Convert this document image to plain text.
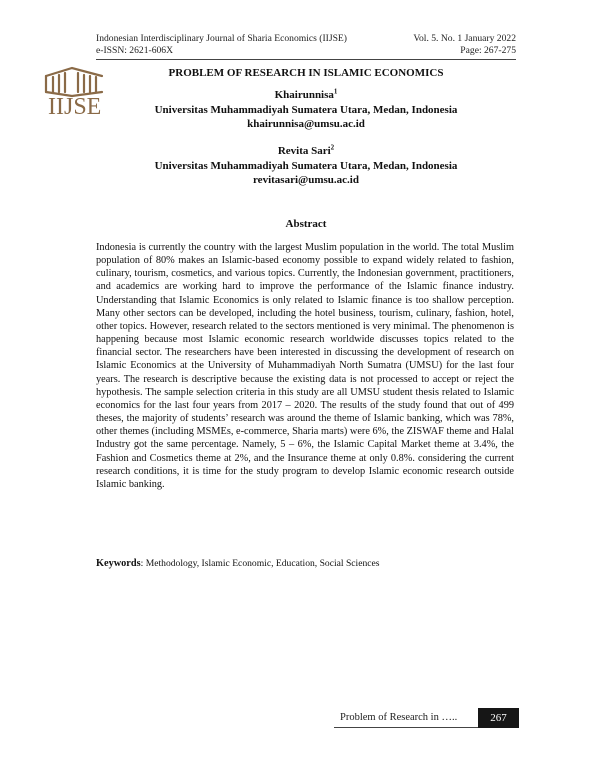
Indonesian Interdisciplinary Journal of Sharia Economics (IIJSE)	Vol. 5. No. 1 January 2022
e-ISSN: 2621-606X	Page: 267-275
IIJSE
PROBLEM OF RESEARCH IN ISLAMIC ECONOMICS
Khairunnisa$^1$
Universitas Muhammadiyah Sumatera Utara, Medan, Indonesia
khairunnisa@umsu.ac.id
Revita Sari$^2$
Universitas Muhammadiyah Sumatera Utara, Medan, Indonesia
revitasari@umsu.ac.id
Abstract

Indonesia is currently the country with the largest Muslim population in the world. The total Muslim population of 80% makes an Islamic-based economy possible to expand widely related to fashion, culinary, tourism, cosmetics, and various topics. Currently, the Indonesian government, practitioners, and academics are working hard to improve the performance of the Islamic finance industry. Understanding that Islamic Economics is only related to Islamic finance is too shallow perception. Many other sectors can be developed, including the hotel business, tourism, culinary, fashion, hotel, other topics. However, research related to the sectors mentioned is very minimal. The phenomenon is happening because most Islamic economic research worldwide discusses topics related to the financial sector. The researchers have been interested in discussing the development of research on Islamic Economics at the University of Muhammadiyah North Sumatra (UMSU) for the last four years. The research is descriptive because the existing data is not processed to accept or reject the hypothesis. The sample selection criteria in this study are all UMSU student thesis related to Islamic economics for the last four years from 2017 – 2020. The results of the study found that out of 499 theses, the majority of students’ research was around the theme of Islamic banking, which was 78%, other themes (including MSMEs, e-commerce, Sharia marts) were 6%, the ZISWAF theme and Halal Industry got the same percentage. Namely, 5 – 6%, the Islamic Capital Market theme at 3.4%, the Fashion and Cosmetics theme at 2%, and the Insurance theme at only 0.8%. considering the current research conditions, it is time for the study program to develop Islamic economic research outside Islamic banking.

Keywords: Methodology, Islamic Economic, Education, Social Sciences
Problem of Research in …..	267
